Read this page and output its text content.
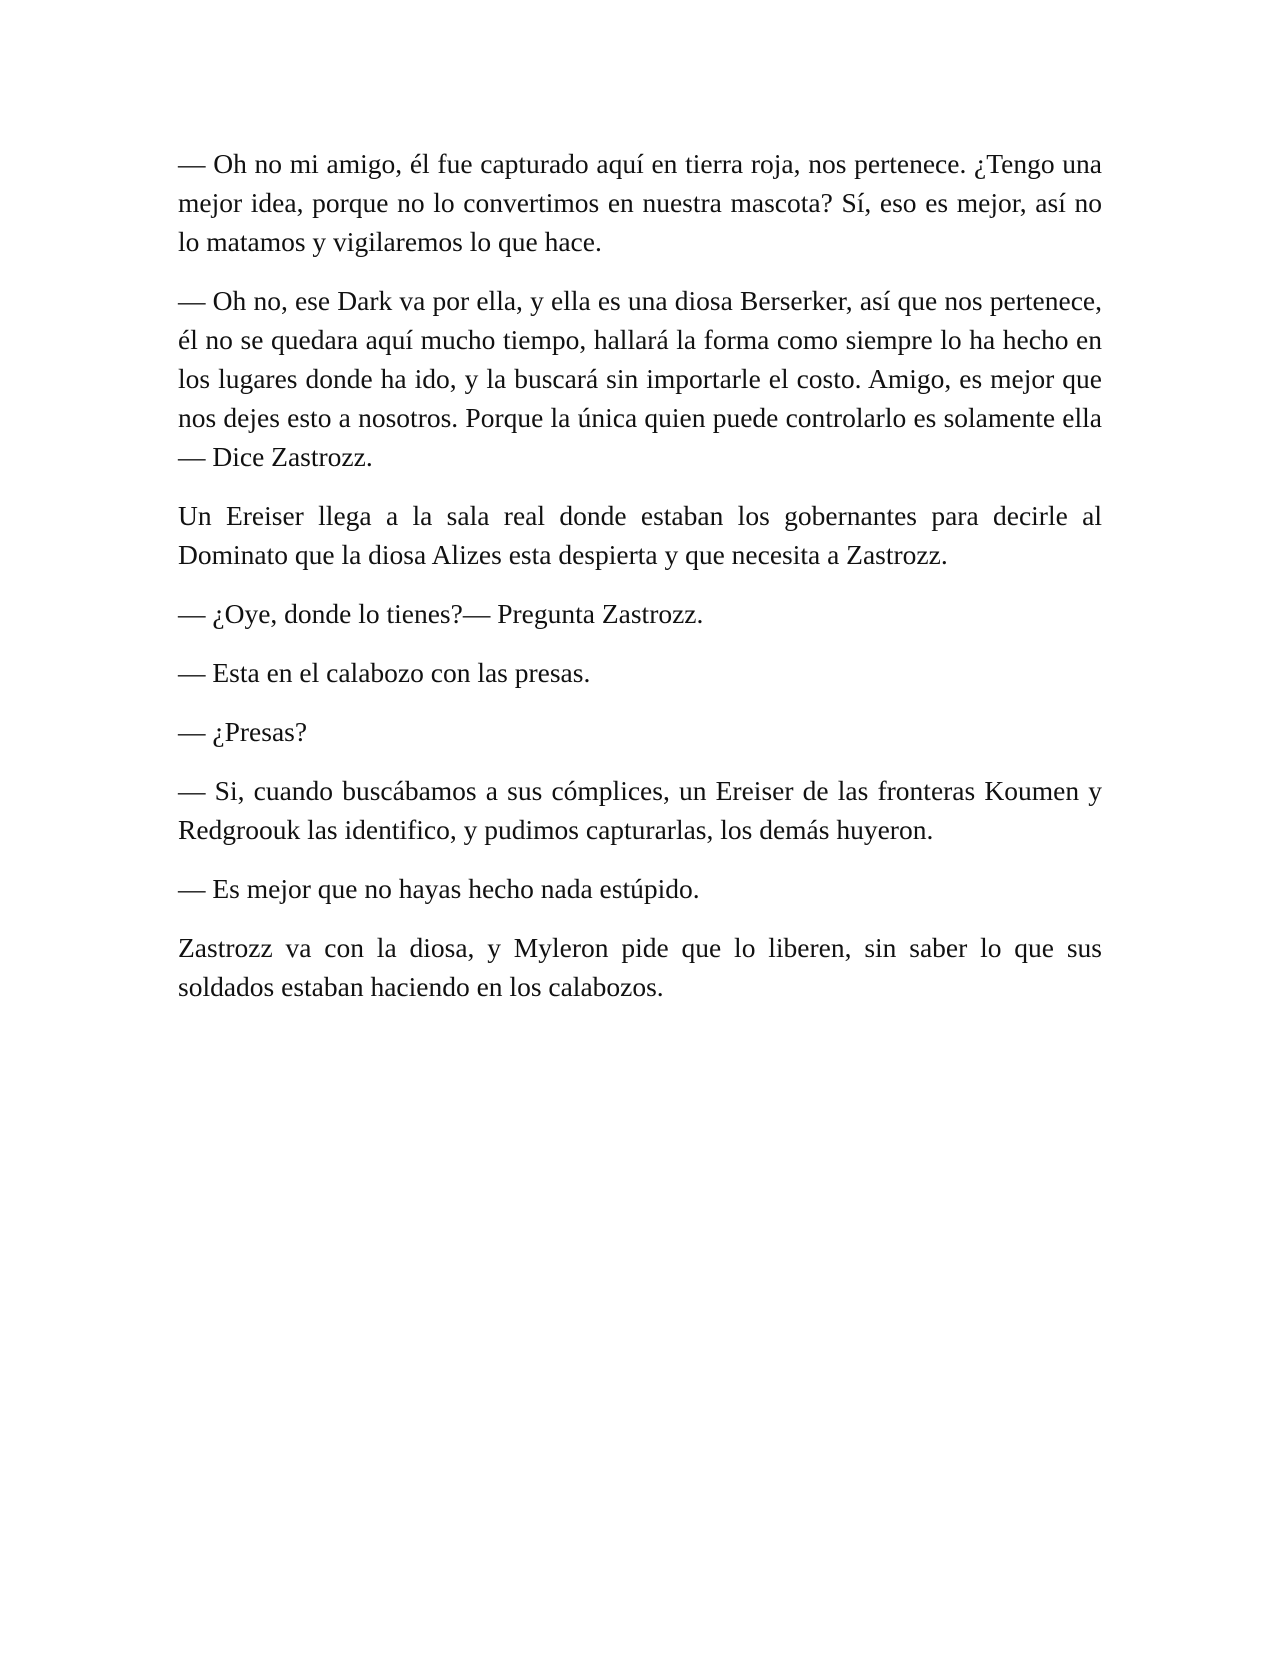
— Oh no mi amigo, él fue capturado aquí en tierra roja, nos pertenece. ¿Tengo una mejor idea, porque no lo convertimos en nuestra mascota? Sí, eso es mejor, así no lo matamos y vigilaremos lo que hace.

— Oh no, ese Dark va por ella, y ella es una diosa Berserker, así que nos pertenece, él no se quedara aquí mucho tiempo, hallará la forma como siempre lo ha hecho en los lugares donde ha ido, y la buscará sin importarle el costo. Amigo, es mejor que nos dejes esto a nosotros. Porque la única quien puede controlarlo es solamente ella— Dice Zastrozz.

Un Ereiser llega a la sala real donde estaban los gobernantes para decirle al Dominato que la diosa Alizes esta despierta y que necesita a Zastrozz.

— ¿Oye, donde lo tienes?— Pregunta Zastrozz.

— Esta en el calabozo con las presas.

— ¿Presas?

— Si, cuando buscábamos a sus cómplices, un Ereiser de las fronteras Koumen y Redgroouk las identifico, y pudimos capturarlas, los demás huyeron.

— Es mejor que no hayas hecho nada estúpido.

Zastrozz va con la diosa, y Myleron pide que lo liberen, sin saber lo que sus soldados estaban haciendo en los calabozos.
